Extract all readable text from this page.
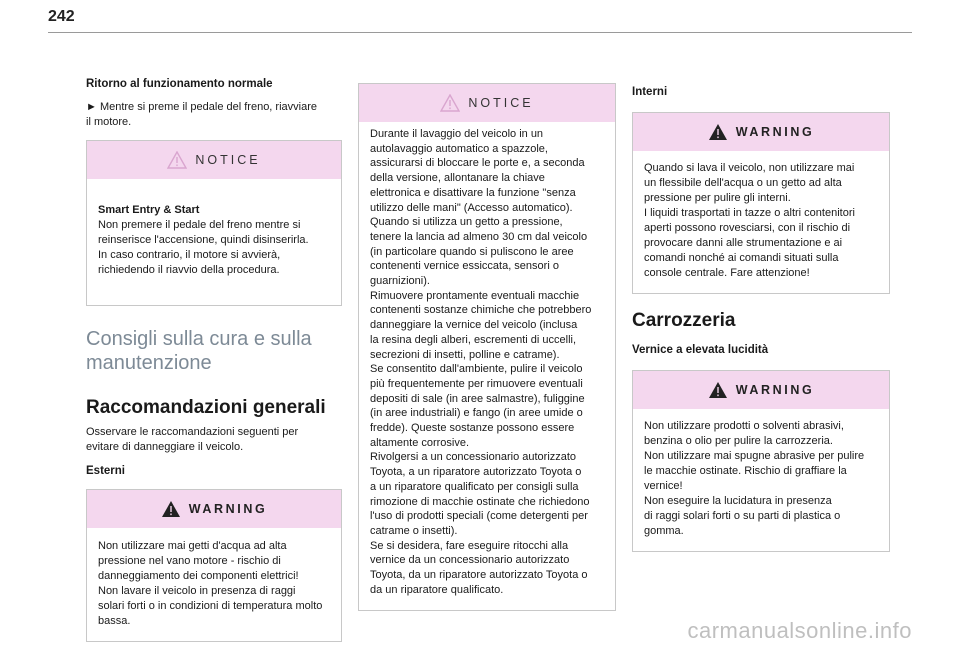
242
Ritorno al funzionamento normale

► Mentre si preme il pedale del freno, riavviare
il motore.

NOTICE

Smart Entry & Start

Non premere il pedale del freno mentre si
reinserisce l'accensione, quindi disinserirla.
In caso contrario, il motore si avvierà,
richiedendo il riavvio della procedura.

Consigli sulla cura e sulla
manutenzione
Raccomandazioni generali

Osservare le raccomandazioni seguenti per
evitare di danneggiare il veicolo.

Esterni
WARNING
Non utilizzare mai getti d'acqua ad alta
pressione nel vano motore - rischio di
danneggiamento dei componenti elettrici!
Non lavare il veicolo in presenza di raggi
solari forti o in condizioni di temperatura molto
bassa.
NOTICE
Durante il lavaggio del veicolo in un
autolavaggio automatico a spazzole,
assicurarsi di bloccare le porte e, a seconda
della versione, allontanare la chiave
elettronica e disattivare la funzione "senza
utilizzo delle mani" (Accesso automatico).
Quando si utilizza un getto a pressione,
tenere la lancia ad almeno 30 cm dal veicolo
(in particolare quando si puliscono le aree
contenenti vernice essiccata, sensori o
guarnizioni).
Rimuovere prontamente eventuali macchie
contenenti sostanze chimiche che potrebbero
danneggiare la vernice del veicolo (inclusa
la resina degli alberi, escrementi di uccelli,
secrezioni di insetti, polline e catrame).
Se consentito dall'ambiente, pulire il veicolo
più frequentemente per rimuovere eventuali
depositi di sale (in aree salmastre), fuliggine
(in aree industriali) e fango (in aree umide o
fredde). Queste sostanze possono essere
altamente corrosive.
Rivolgersi a un concessionario autorizzato
Toyota, a un riparatore autorizzato Toyota o
a un riparatore qualificato per consigli sulla
rimozione di macchie ostinate che richiedono
l'uso di prodotti speciali (come detergenti per
catrame o insetti).
Se si desidera, fare eseguire ritocchi alla
vernice da un concessionario autorizzato
Toyota, da un riparatore autorizzato Toyota o
da un riparatore qualificato.
Interni
WARNING
Quando si lava il veicolo, non utilizzare mai
un flessibile dell'acqua o un getto ad alta
pressione per pulire gli interni.
I liquidi trasportati in tazze o altri contenitori
aperti possono rovesciarsi, con il rischio di
provocare danni alle strumentazione e ai
comandi nonché ai comandi situati sulla
console centrale. Fare attenzione!
Carrozzeria
Vernice a elevata lucidità
WARNING
Non utilizzare prodotti o solventi abrasivi,
benzina o olio per pulire la carrozzeria.
Non utilizzare mai spugne abrasive per pulire
le macchie ostinate. Rischio di graffiare la
vernice!
Non eseguire la lucidatura in presenza
di raggi solari forti o su parti di plastica o
gomma.
carmanualsonline.info
